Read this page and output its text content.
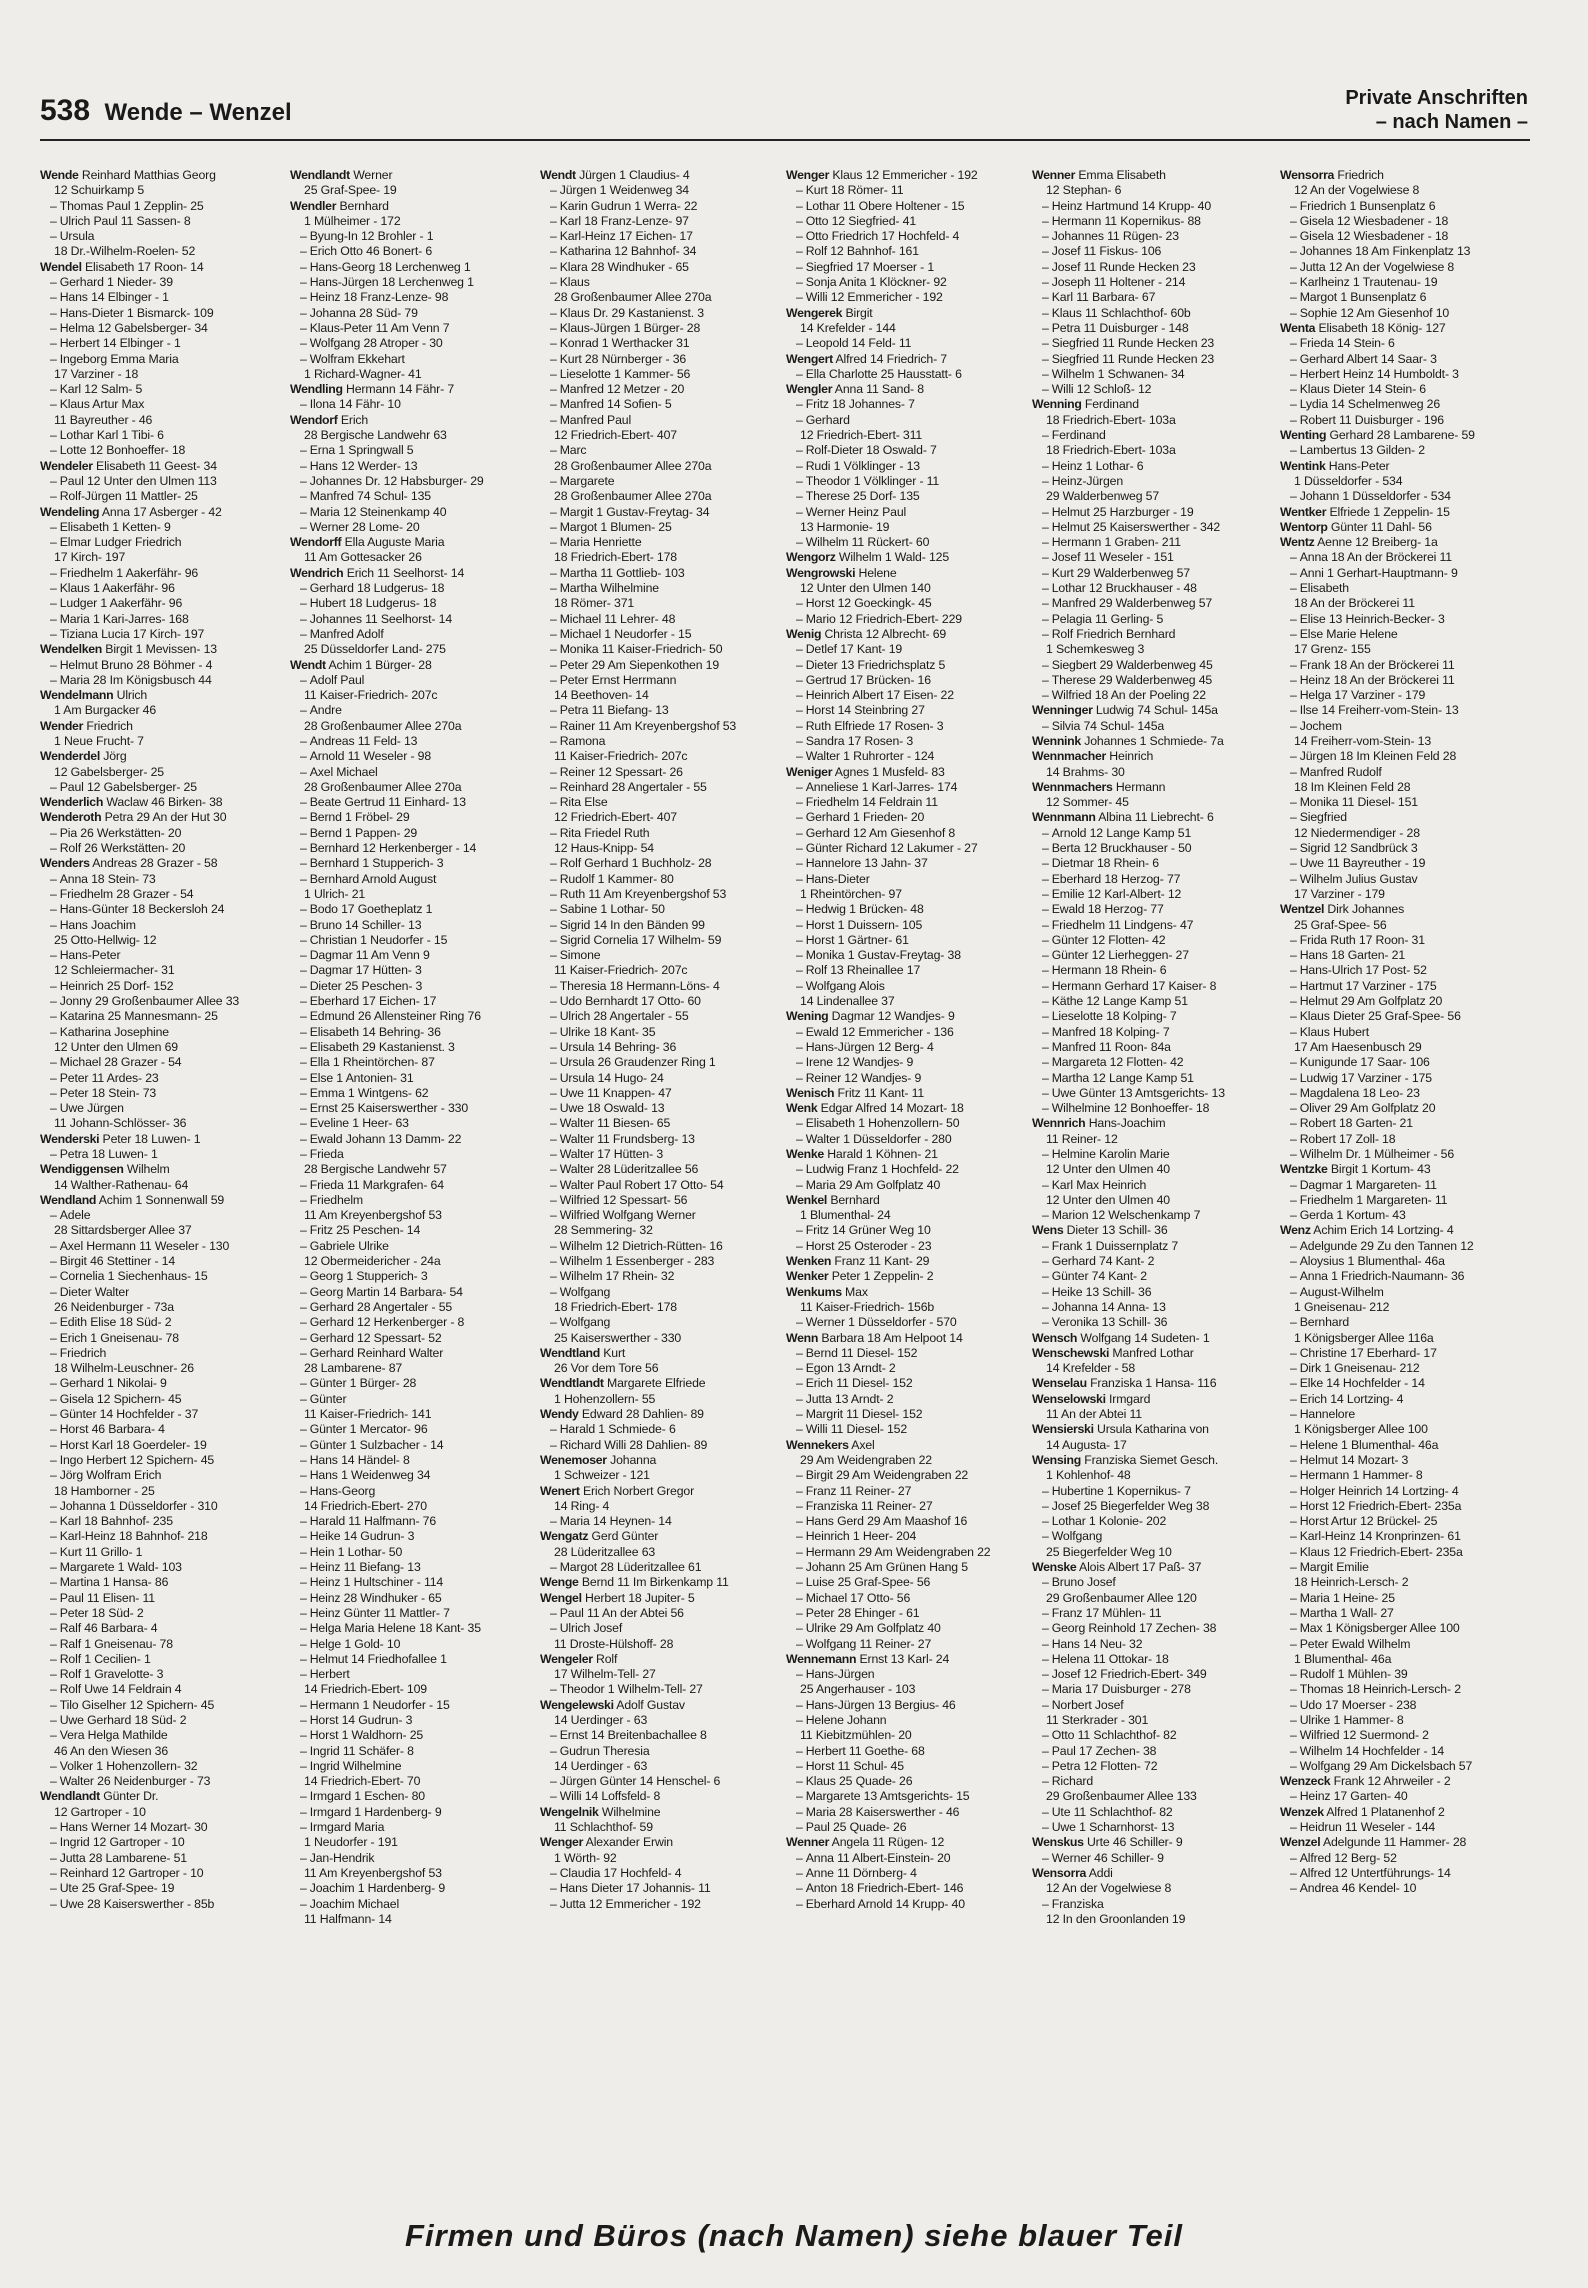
538 Wende – Wenzel
Private Anschriften
– nach Namen –
Wende Reinhard Matthias Georg
12 Schuirkamp 5
– Thomas Paul 1 Zepplin- 25
– Ulrich Paul 11 Sassen- 8
– Ursula
18 Dr.-Wilhelm-Roelen- 52
Wendel Elisabeth 17 Roon- 14
– Gerhard 1 Nieder- 39
– Hans 14 Elbinger - 1
– Hans-Dieter 1 Bismarck- 109
– Helma 12 Gabelsberger- 34
– Herbert 14 Elbinger - 1
– Ingeborg Emma Maria
17 Varziner - 18
– Karl 12 Salm- 5
– Klaus Artur Max
11 Bayreuther - 46
– Lothar Karl 1 Tibi- 6
– Lotte 12 Bonhoeffer- 18
Wendeler Elisabeth 11 Geest- 34
– Paul 12 Unter den Ulmen 113
– Rolf-Jürgen 11 Mattler- 25
Wendeling Anna 17 Asberger - 42
– Elisabeth 1 Ketten- 9
– Elmar Ludger Friedrich
17 Kirch- 197
– Friedhelm 1 Aakerfähr- 96
– Klaus 1 Aakerfähr- 96
– Ludger 1 Aakerfähr- 96
– Maria 1 Kari-Jarres- 168
– Tiziana Lucia 17 Kirch- 197
Wendelken Birgit 1 Mevissen- 13
– Helmut Bruno 28 Böhmer - 4
– Maria 28 Im Königsbusch 44
Wendelmann Ulrich
1 Am Burgacker 46
Wender Friedrich
1 Neue Frucht- 7
Wenderdel Jörg
12 Gabelsberger- 25
– Paul 12 Gabelsberger- 25
Wenderlich Waclaw 46 Birken- 38
Wenderoth Petra 29 An der Hut 30
– Pia 26 Werkstätten- 20
– Rolf 26 Werkstätten- 20
Wenders Andreas 28 Grazer - 58
– Anna 18 Stein- 73
– Friedhelm 28 Grazer - 54
– Hans-Günter 18 Beckersloh 24
– Hans Joachim
25 Otto-Hellwig- 12
– Hans-Peter
12 Schleiermacher- 31
– Heinrich 25 Dorf- 152
– Jonny 29 Großenbaumer Allee 33
– Katarina 25 Mannesmann- 25
– Katharina Josephine
12 Unter den Ulmen 69
– Michael 28 Grazer - 54
– Peter 11 Ardes- 23
– Peter 18 Stein- 73
– Uwe Jürgen
11 Johann-Schlösser- 36
Wenderski Peter 18 Luwen- 1
– Petra 18 Luwen- 1
Wendiggensen Wilhelm
14 Walther-Rathenau- 64
Wendland Achim 1 Sonnenwall 59
– Adele
28 Sittardsberger Allee 37
– Axel Hermann 11 Weseler - 130
– Birgit 46 Stettiner - 14
– Cornelia 1 Siechenhaus- 15
– Dieter Walter
26 Neidenburger - 73a
– Edith Elise 18 Süd- 2
– Erich 1 Gneisenau- 78
– Friedrich
18 Wilhelm-Leuschner- 26
– Gerhard 1 Nikolai- 9
– Gisela 12 Spichern- 45
– Günter 14 Hochfelder - 37
– Horst 46 Barbara- 4
– Horst Karl 18 Goerdeler- 19
– Ingo Herbert 12 Spichern- 45
– Jörg Wolfram Erich
18 Hamborner - 25
– Johanna 1 Düsseldorfer - 310
– Karl 18 Bahnhof- 235
– Karl-Heinz 18 Bahnhof- 218
– Kurt 11 Grillo- 1
– Margarete 1 Wald- 103
– Martina 1 Hansa- 86
– Paul 11 Elisen- 11
– Peter 18 Süd- 2
– Ralf 46 Barbara- 4
– Ralf 1 Gneisenau- 78
– Rolf 1 Cecilien- 1
– Rolf 1 Gravelotte- 3
– Rolf Uwe 14 Feldrain 4
– Tilo Giselher 12 Spichern- 45
– Uwe Gerhard 18 Süd- 2
– Vera Helga Mathilde
46 An den Wiesen 36
– Volker 1 Hohenzollern- 32
– Walter 26 Neidenburger - 73
Wendlandt Günter Dr.
12 Gartroper - 10
– Hans Werner 14 Mozart- 30
– Ingrid 12 Gartroper - 10
– Jutta 28 Lambarene- 51
– Reinhard 12 Gartroper - 10
– Ute 25 Graf-Spee- 19
– Uwe 28 Kaiserswerther - 85b
Wendlandt Werner
25 Graf-Spee- 19
Wendler Bernhard
1 Mülheimer - 172
– Byung-In 12 Brohler - 1
– Erich Otto 46 Bonert- 6
– Hans-Georg 18 Lerchenweg 1
– Hans-Jürgen 18 Lerchenweg 1
– Heinz 18 Franz-Lenze- 98
– Johanna 28 Süd- 79
– Klaus-Peter 11 Am Venn 7
– Wolfgang 28 Atroper - 30
– Wolfram Ekkehart
1 Richard-Wagner- 41
Wendling Hermann 14 Fähr- 7
– Ilona 14 Fähr- 10
Wendorf Erich
28 Bergische Landwehr 63
– Erna 1 Springwall 5
– Hans 12 Werder- 13
– Johannes Dr. 12 Habsburger- 29
– Manfred 74 Schul- 135
– Maria 12 Steinenkamp 40
– Werner 28 Lome- 20
Wendorff Ella Auguste Maria
11 Am Gottesacker 26
Wendrich Erich 11 Seelhorst- 14
– Gerhard 18 Ludgerus- 18
– Hubert 18 Ludgerus- 18
– Johannes 11 Seelhorst- 14
– Manfred Adolf
25 Düsseldorfer Land- 275
Wendt Achim 1 Bürger- 28
– Adolf Paul
11 Kaiser-Friedrich- 207c
– Andre
28 Großenbaumer Allee 270a
– Andreas 11 Feld- 13
– Arnold 11 Weseler - 98
– Axel Michael
28 Großenbaumer Allee 270a
– Beate Gertrud 11 Einhard- 13
– Bernd 1 Fröbel- 29
– Bernd 1 Pappen- 29
– Bernhard 12 Herkenberger - 14
– Bernhard 1 Stupperich- 3
– Bernhard Arnold August
1 Ulrich- 21
– Bodo 17 Goetheplatz 1
– Bruno 14 Schiller- 13
– Christian 1 Neudorfer - 15
– Dagmar 11 Am Venn 9
– Dagmar 17 Hütten- 3
– Dieter 25 Peschen- 3
– Eberhard 17 Eichen- 17
– Edmund 26 Allensteiner Ring 76
– Elisabeth 14 Behring- 36
– Elisabeth 29 Kastanienst. 3
– Ella 1 Rheintörchen- 87
– Else 1 Antonien- 31
– Emma 1 Wintgens- 62
– Ernst 25 Kaiserswerther - 330
– Eveline 1 Heer- 63
– Ewald Johann 13 Damm- 22
– Frieda
28 Bergische Landwehr 57
– Frieda 11 Markgrafen- 64
– Friedhelm
11 Am Kreyenbergshof 53
– Fritz 25 Peschen- 14
– Gabriele Ulrike
12 Obermeidericher - 24a
– Georg 1 Stupperich- 3
– Georg Martin 14 Barbara- 54
– Gerhard 28 Angertaler - 55
– Gerhard 12 Herkenberger - 8
– Gerhard 12 Spessart- 52
– Gerhard Reinhard Walter
28 Lambarene- 87
– Günter 1 Bürger- 28
– Günter
11 Kaiser-Friedrich- 141
– Günter 1 Mercator- 96
– Günter 1 Sulzbacher - 14
– Hans 14 Händel- 8
– Hans 1 Weidenweg 34
– Hans-Georg
14 Friedrich-Ebert- 270
– Harald 11 Halfmann- 76
– Heike 14 Gudrun- 3
– Hein 1 Lothar- 50
– Heinz 11 Biefang- 13
– Heinz 1 Hultschiner - 114
– Heinz 28 Windhuker - 65
– Heinz Günter 11 Mattler- 7
– Helga Maria Helene 18 Kant- 35
– Helge 1 Gold- 10
– Helmut 14 Friedhofallee 1
– Herbert
14 Friedrich-Ebert- 109
– Hermann 1 Neudorfer - 15
– Horst 14 Gudrun- 3
– Horst 1 Waldhorn- 25
– Ingrid 11 Schäfer- 8
– Ingrid Wilhelmine
14 Friedrich-Ebert- 70
– Irmgard 1 Eschen- 80
– Irmgard 1 Hardenberg- 9
– Irmgard Maria
1 Neudorfer - 191
– Jan-Hendrik
11 Am Kreyenbergshof 53
– Joachim 1 Hardenberg- 9
– Joachim Michael
11 Halfmann- 14
Wendt Jürgen 1 Claudius- 4
– Jürgen 1 Weidenweg 34
– Karin Gudrun 1 Werra- 22
– Karl 18 Franz-Lenze- 97
– Karl-Heinz 17 Eichen- 17
– Katharina 12 Bahnhof- 34
– Klara 28 Windhuker - 65
– Klaus
28 Großenbaumer Allee 270a
– Klaus Dr. 29 Kastanienst. 3
– Klaus-Jürgen 1 Bürger- 28
– Konrad 1 Werthacker 31
– Kurt 28 Nürnberger - 36
– Lieselotte 1 Kammer- 56
– Manfred 12 Metzer - 20
– Manfred 14 Sofien- 5
– Manfred Paul
12 Friedrich-Ebert- 407
– Marc
28 Großenbaumer Allee 270a
– Margarete
28 Großenbaumer Allee 270a
– Margit 1 Gustav-Freytag- 34
– Margot 1 Blumen- 25
– Maria Henriette
18 Friedrich-Ebert- 178
– Martha 11 Gottlieb- 103
– Martha Wilhelmine
18 Römer- 371
– Michael 11 Lehrer- 48
– Michael 1 Neudorfer - 15
– Monika 11 Kaiser-Friedrich- 50
– Peter 29 Am Siepenkothen 19
– Peter Ernst Herrmann
14 Beethoven- 14
– Petra 11 Biefang- 13
– Rainer 11 Am Kreyenbergshof 53
– Ramona
11 Kaiser-Friedrich- 207c
– Reiner 12 Spessart- 26
– Reinhard 28 Angertaler - 55
– Rita Else
12 Friedrich-Ebert- 407
– Rita Friedel Ruth
12 Haus-Knipp- 54
– Rolf Gerhard 1 Buchholz- 28
– Rudolf 1 Kammer- 80
– Ruth 11 Am Kreyenbergshof 53
– Sabine 1 Lothar- 50
– Sigrid 14 In den Bänden 99
– Sigrid Cornelia 17 Wilhelm- 59
– Simone
11 Kaiser-Friedrich- 207c
– Theresia 18 Hermann-Löns- 4
– Udo Bernhardt 17 Otto- 60
– Ulrich 28 Angertaler - 55
– Ulrike 18 Kant- 35
– Ursula 14 Behring- 36
– Ursula 26 Graudenzer Ring 1
– Ursula 14 Hugo- 24
– Uwe 11 Knappen- 47
– Uwe 18 Oswald- 13
– Walter 11 Biesen- 65
– Walter 11 Frundsberg- 13
– Walter 17 Hütten- 3
– Walter 28 Lüderitzallee 56
– Walter Paul Robert 17 Otto- 54
– Wilfried 12 Spessart- 56
– Wilfried Wolfgang Werner
28 Semmering- 32
– Wilhelm 12 Dietrich-Rütten- 16
– Wilhelm 1 Essenberger - 283
– Wilhelm 17 Rhein- 32
– Wolfgang
18 Friedrich-Ebert- 178
– Wolfgang
25 Kaiserswerther - 330
Wendtland Kurt
26 Vor dem Tore 56
Wendtlandt Margarete Elfriede
1 Hohenzollern- 55
Wendy Edward 28 Dahlien- 89
– Harald 1 Schmiede- 6
– Richard Willi 28 Dahlien- 89
Wenemoser Johanna
1 Schweizer - 121
Wenert Erich Norbert Gregor
14 Ring- 4
– Maria 14 Heynen- 14
Wengatz Gerd Günter
28 Lüderitzallee 63
– Margot 28 Lüderitzallee 61
Wenge Bernd 11 Im Birkenkamp 11
Wengel Herbert 18 Jupiter- 5
– Paul 11 An der Abtei 56
– Ulrich Josef
11 Droste-Hülshoff- 28
Wengeler Rolf
17 Wilhelm-Tell- 27
– Theodor 1 Wilhelm-Tell- 27
Wengelewski Adolf Gustav
14 Uerdinger - 63
– Ernst 14 Breitenbachallee 8
– Gudrun Theresia
14 Uerdinger - 63
– Jürgen Günter 14 Henschel- 6
– Willi 14 Loffsfeld- 8
Wengelnik Wilhelmine
11 Schlachthof- 59
Wenger Alexander Erwin
1 Wörth- 92
– Claudia 17 Hochfeld- 4
– Hans Dieter 17 Johannis- 11
– Jutta 12 Emmericher - 192
Wenger Klaus 12 Emmericher - 192
– Kurt 18 Römer- 11
– Lothar 11 Obere Holtener - 15
– Otto 12 Siegfried- 41
– Otto Friedrich 17 Hochfeld- 4
– Rolf 12 Bahnhof- 161
– Siegfried 17 Moerser - 1
– Sonja Anita 1 Klöckner- 92
– Willi 12 Emmericher - 192
Wengerek Birgit
14 Krefelder - 144
– Leopold 14 Feld- 11
Wengert Alfred 14 Friedrich- 7
– Ella Charlotte 25 Hausstatt- 6
Wengler Anna 11 Sand- 8
– Fritz 18 Johannes- 7
– Gerhard
12 Friedrich-Ebert- 311
– Rolf-Dieter 18 Oswald- 7
– Rudi 1 Völklinger - 13
– Theodor 1 Völklinger - 11
– Therese 25 Dorf- 135
– Werner Heinz Paul
13 Harmonie- 19
– Wilhelm 11 Rückert- 60
Wengorz Wilhelm 1 Wald- 125
Wengrowski Helene
12 Unter den Ulmen 140
– Horst 12 Goeckingk- 45
– Mario 12 Friedrich-Ebert- 229
Wenig Christa 12 Albrecht- 69
– Detlef 17 Kant- 19
– Dieter 13 Friedrichsplatz 5
– Gertrud 17 Brücken- 16
– Heinrich Albert 17 Eisen- 22
– Horst 14 Steinbring 27
– Ruth Elfriede 17 Rosen- 3
– Sandra 17 Rosen- 3
– Walter 1 Ruhrorter - 124
Weniger Agnes 1 Musfeld- 83
– Anneliese 1 Karl-Jarres- 174
– Friedhelm 14 Feldrain 11
– Gerhard 1 Frieden- 20
– Gerhard 12 Am Giesenhof 8
– Günter Richard 12 Lakumer - 27
– Hannelore 13 Jahn- 37
– Hans-Dieter
1 Rheintörchen- 97
– Hedwig 1 Brücken- 48
– Horst 1 Duissern- 105
– Horst 1 Gärtner- 61
– Monika 1 Gustav-Freytag- 38
– Rolf 13 Rheinallee 17
– Wolfgang Alois
14 Lindenallee 37
Wening Dagmar 12 Wandjes- 9
– Ewald 12 Emmericher - 136
– Hans-Jürgen 12 Berg- 4
– Irene 12 Wandjes- 9
– Reiner 12 Wandjes- 9
Wenisch Fritz 11 Kant- 11
Wenk Edgar Alfred 14 Mozart- 18
– Elisabeth 1 Hohenzollern- 50
– Walter 1 Düsseldorfer - 280
Wenke Harald 1 Köhnen- 21
– Ludwig Franz 1 Hochfeld- 22
– Maria 29 Am Golfplatz 40
Wenkel Bernhard
1 Blumenthal- 24
– Fritz 14 Grüner Weg 10
– Horst 25 Osteroder - 23
Wenken Franz 11 Kant- 29
Wenker Peter 1 Zeppelin- 2
Wenkums Max
11 Kaiser-Friedrich- 156b
– Werner 1 Düsseldorfer - 570
Wenn Barbara 18 Am Helpoot 14
– Bernd 11 Diesel- 152
– Egon 13 Arndt- 2
– Erich 11 Diesel- 152
– Jutta 13 Arndt- 2
– Margrit 11 Diesel- 152
– Willi 11 Diesel- 152
Wennekers Axel
29 Am Weidengraben 22
– Birgit 29 Am Weidengraben 22
– Franz 11 Reiner- 27
– Franziska 11 Reiner- 27
– Hans Gerd 29 Am Maashof 16
– Heinrich 1 Heer- 204
– Hermann 29 Am Weidengraben 22
– Johann 25 Am Grünen Hang 5
– Luise 25 Graf-Spee- 56
– Michael 17 Otto- 56
– Peter 28 Ehinger - 61
– Ulrike 29 Am Golfplatz 40
– Wolfgang 11 Reiner- 27
Wennemann Ernst 13 Karl- 24
– Hans-Jürgen
25 Angerhauser - 103
– Hans-Jürgen 13 Bergius- 46
– Helene Johann
11 Kiebitzmühlen- 20
– Herbert 11 Goethe- 68
– Horst 11 Schul- 45
– Klaus 25 Quade- 26
– Margarete 13 Amtsgerichts- 15
– Maria 28 Kaiserswerther - 46
– Paul 25 Quade- 26
Wenner Angela 11 Rügen- 12
– Anna 11 Albert-Einstein- 20
– Anne 11 Dörnberg- 4
– Anton 18 Friedrich-Ebert- 146
– Eberhard Arnold 14 Krupp- 40
Wenner Emma Elisabeth
12 Stephan- 6
– Heinz Hartmund 14 Krupp- 40
– Hermann 11 Kopernikus- 88
– Johannes 11 Rügen- 23
– Josef 11 Fiskus- 106
– Josef 11 Runde Hecken 23
– Joseph 11 Holtener - 214
– Karl 11 Barbara- 67
– Klaus 11 Schlachthof- 60b
– Petra 11 Duisburger - 148
– Siegfried 11 Runde Hecken 23
– Siegfried 11 Runde Hecken 23
– Wilhelm 1 Schwanen- 34
– Willi 12 Schloß- 12
Wenning Ferdinand
18 Friedrich-Ebert- 103a
– Ferdinand
18 Friedrich-Ebert- 103a
– Heinz 1 Lothar- 6
– Heinz-Jürgen
29 Walderbenweg 57
– Helmut 25 Harzburger - 19
– Helmut 25 Kaiserswerther - 342
– Hermann 1 Graben- 211
– Josef 11 Weseler - 151
– Kurt 29 Walderbenweg 57
– Lothar 12 Bruckhauser - 48
– Manfred 29 Walderbenweg 57
– Pelagia 11 Gerling- 5
– Rolf Friedrich Bernhard
1 Schemkesweg 3
– Siegbert 29 Walderbenweg 45
– Therese 29 Walderbenweg 45
– Wilfried 18 An der Poeling 22
Wenninger Ludwig 74 Schul- 145a
– Silvia 74 Schul- 145a
Wennink Johannes 1 Schmiede- 7a
Wennmacher Heinrich
14 Brahms- 30
Wennmachers Hermann
12 Sommer- 45
Wennmann Albina 11 Liebrecht- 6
– Arnold 12 Lange Kamp 51
– Berta 12 Bruckhauser - 50
– Dietmar 18 Rhein- 6
– Eberhard 18 Herzog- 77
– Emilie 12 Karl-Albert- 12
– Ewald 18 Herzog- 77
– Friedhelm 11 Lindgens- 47
– Günter 12 Flotten- 42
– Günter 12 Lierheggen- 27
– Hermann 18 Rhein- 6
– Hermann Gerhard 17 Kaiser- 8
– Käthe 12 Lange Kamp 51
– Lieselotte 18 Kolping- 7
– Manfred 18 Kolping- 7
– Manfred 11 Roon- 84a
– Margareta 12 Flotten- 42
– Martha 12 Lange Kamp 51
– Uwe Günter 13 Amtsgerichts- 13
– Wilhelmine 12 Bonhoeffer- 18
Wennrich Hans-Joachim
11 Reiner- 12
– Helmine Karolin Marie
12 Unter den Ulmen 40
– Karl Max Heinrich
12 Unter den Ulmen 40
– Marion 12 Welschenkamp 7
Wens Dieter 13 Schill- 36
– Frank 1 Duissernplatz 7
– Gerhard 74 Kant- 2
– Günter 74 Kant- 2
– Heike 13 Schill- 36
– Johanna 14 Anna- 13
– Veronika 13 Schill- 36
Wensch Wolfgang 14 Sudeten- 1
Wenschewski Manfred Lothar
14 Krefelder - 58
Wenselau Franziska 1 Hansa- 116
Wenselowski Irmgard
11 An der Abtei 11
Wensierski Ursula Katharina von
14 Augusta- 17
Wensing Franziska Siemet Gesch.
1 Kohlenhof- 48
– Hubertine 1 Kopernikus- 7
– Josef 25 Biegerfelder Weg 38
– Lothar 1 Kolonie- 202
– Wolfgang
25 Biegerfelder Weg 10
Wenske Alois Albert 17 Paß- 37
– Bruno Josef
29 Großenbaumer Allee 120
– Franz 17 Mühlen- 11
– Georg Reinhold 17 Zechen- 38
– Hans 14 Neu- 32
– Helena 11 Ottokar- 18
– Josef 12 Friedrich-Ebert- 349
– Maria 17 Duisburger - 278
– Norbert Josef
11 Sterkrader - 301
– Otto 11 Schlachthof- 82
– Paul 17 Zechen- 38
– Petra 12 Flotten- 72
– Richard
29 Großenbaumer Allee 133
– Ute 11 Schlachthof- 82
– Uwe 1 Scharnhorst- 13
Wenskus Urte 46 Schiller- 9
– Werner 46 Schiller- 9
Wensorra Addi
12 An der Vogelwiese 8
– Franziska
12 In den Groonlanden 19
Wensorra Friedrich
12 An der Vogelwiese 8
– Friedrich 1 Bunsenplatz 6
– Gisela 12 Wiesbadener - 18
– Gisela 12 Wiesbadener - 18
– Johannes 18 Am Finkenplatz 13
– Jutta 12 An der Vogelwiese 8
– Karlheinz 1 Trautenau- 19
– Margot 1 Bunsenplatz 6
– Sophie 12 Am Giesenhof 10
Wenta Elisabeth 18 König- 127
– Frieda 14 Stein- 6
– Gerhard Albert 14 Saar- 3
– Herbert Heinz 14 Humboldt- 3
– Klaus Dieter 14 Stein- 6
– Lydia 14 Schelmenweg 26
– Robert 11 Duisburger - 196
Wenting Gerhard 28 Lambarene- 59
– Lambertus 13 Gilden- 2
Wentink Hans-Peter
1 Düsseldorfer - 534
– Johann 1 Düsseldorfer - 534
Wentker Elfriede 1 Zeppelin- 15
Wentorp Günter 11 Dahl- 56
Wentz Aenne 12 Breiberg- 1a
– Anna 18 An der Bröckerei 11
– Anni 1 Gerhart-Hauptmann- 9
– Elisabeth
18 An der Bröckerei 11
– Elise 13 Heinrich-Becker- 3
– Else Marie Helene
17 Grenz- 155
– Frank 18 An der Bröckerei 11
– Heinz 18 An der Bröckerei 11
– Helga 17 Varziner - 179
– Ilse 14 Freiherr-vom-Stein- 13
– Jochem
14 Freiherr-vom-Stein- 13
– Jürgen 18 Im Kleinen Feld 28
– Manfred Rudolf
18 Im Kleinen Feld 28
– Monika 11 Diesel- 151
– Siegfried
12 Niedermendiger - 28
– Sigrid 12 Sandbrück 3
– Uwe 11 Bayreuther - 19
– Wilhelm Julius Gustav
17 Varziner - 179
Wentzel Dirk Johannes
25 Graf-Spee- 56
– Frida Ruth 17 Roon- 31
– Hans 18 Garten- 21
– Hans-Ulrich 17 Post- 52
– Hartmut 17 Varziner - 175
– Helmut 29 Am Golfplatz 20
– Klaus Dieter 25 Graf-Spee- 56
– Klaus Hubert
17 Am Haesenbusch 29
– Kunigunde 17 Saar- 106
– Ludwig 17 Varziner - 175
– Magdalena 18 Leo- 23
– Oliver 29 Am Golfplatz 20
– Robert 18 Garten- 21
– Robert 17 Zoll- 18
– Wilhelm Dr. 1 Mülheimer - 56
Wentzke Birgit 1 Kortum- 43
– Dagmar 1 Margareten- 11
– Friedhelm 1 Margareten- 11
– Gerda 1 Kortum- 43
Wenz Achim Erich 14 Lortzing- 4
– Adelgunde 29 Zu den Tannen 12
– Aloysius 1 Blumenthal- 46a
– Anna 1 Friedrich-Naumann- 36
– August-Wilhelm
1 Gneisenau- 212
– Bernhard
1 Königsberger Allee 116a
– Christine 17 Eberhard- 17
– Dirk 1 Gneisenau- 212
– Elke 14 Hochfelder - 14
– Erich 14 Lortzing- 4
– Hannelore
1 Königsberger Allee 100
– Helene 1 Blumenthal- 46a
– Helmut 14 Mozart- 3
– Hermann 1 Hammer- 8
– Holger Heinrich 14 Lortzing- 4
– Horst 12 Friedrich-Ebert- 235a
– Horst Artur 12 Brückel- 25
– Karl-Heinz 14 Kronprinzen- 61
– Klaus 12 Friedrich-Ebert- 235a
– Margit Emilie
18 Heinrich-Lersch- 2
– Maria 1 Heine- 25
– Martha 1 Wall- 27
– Max 1 Königsberger Allee 100
– Peter Ewald Wilhelm
1 Blumenthal- 46a
– Rudolf 1 Mühlen- 39
– Thomas 18 Heinrich-Lersch- 2
– Udo 17 Moerser - 238
– Ulrike 1 Hammer- 8
– Wilfried 12 Suermond- 2
– Wilhelm 14 Hochfelder - 14
– Wolfgang 29 Am Dickelsbach 57
Wenzeck Frank 12 Ahrweiler - 2
– Heinz 17 Garten- 40
Wenzek Alfred 1 Platanenhof 2
– Heidrun 11 Weseler - 144
Wenzel Adelgunde 11 Hammer- 28
– Alfred 12 Berg- 52
– Alfred 12 Untertführungs- 14
– Andrea 46 Kendel- 10
Firmen und Büros (nach Namen) siehe blauer Teil
